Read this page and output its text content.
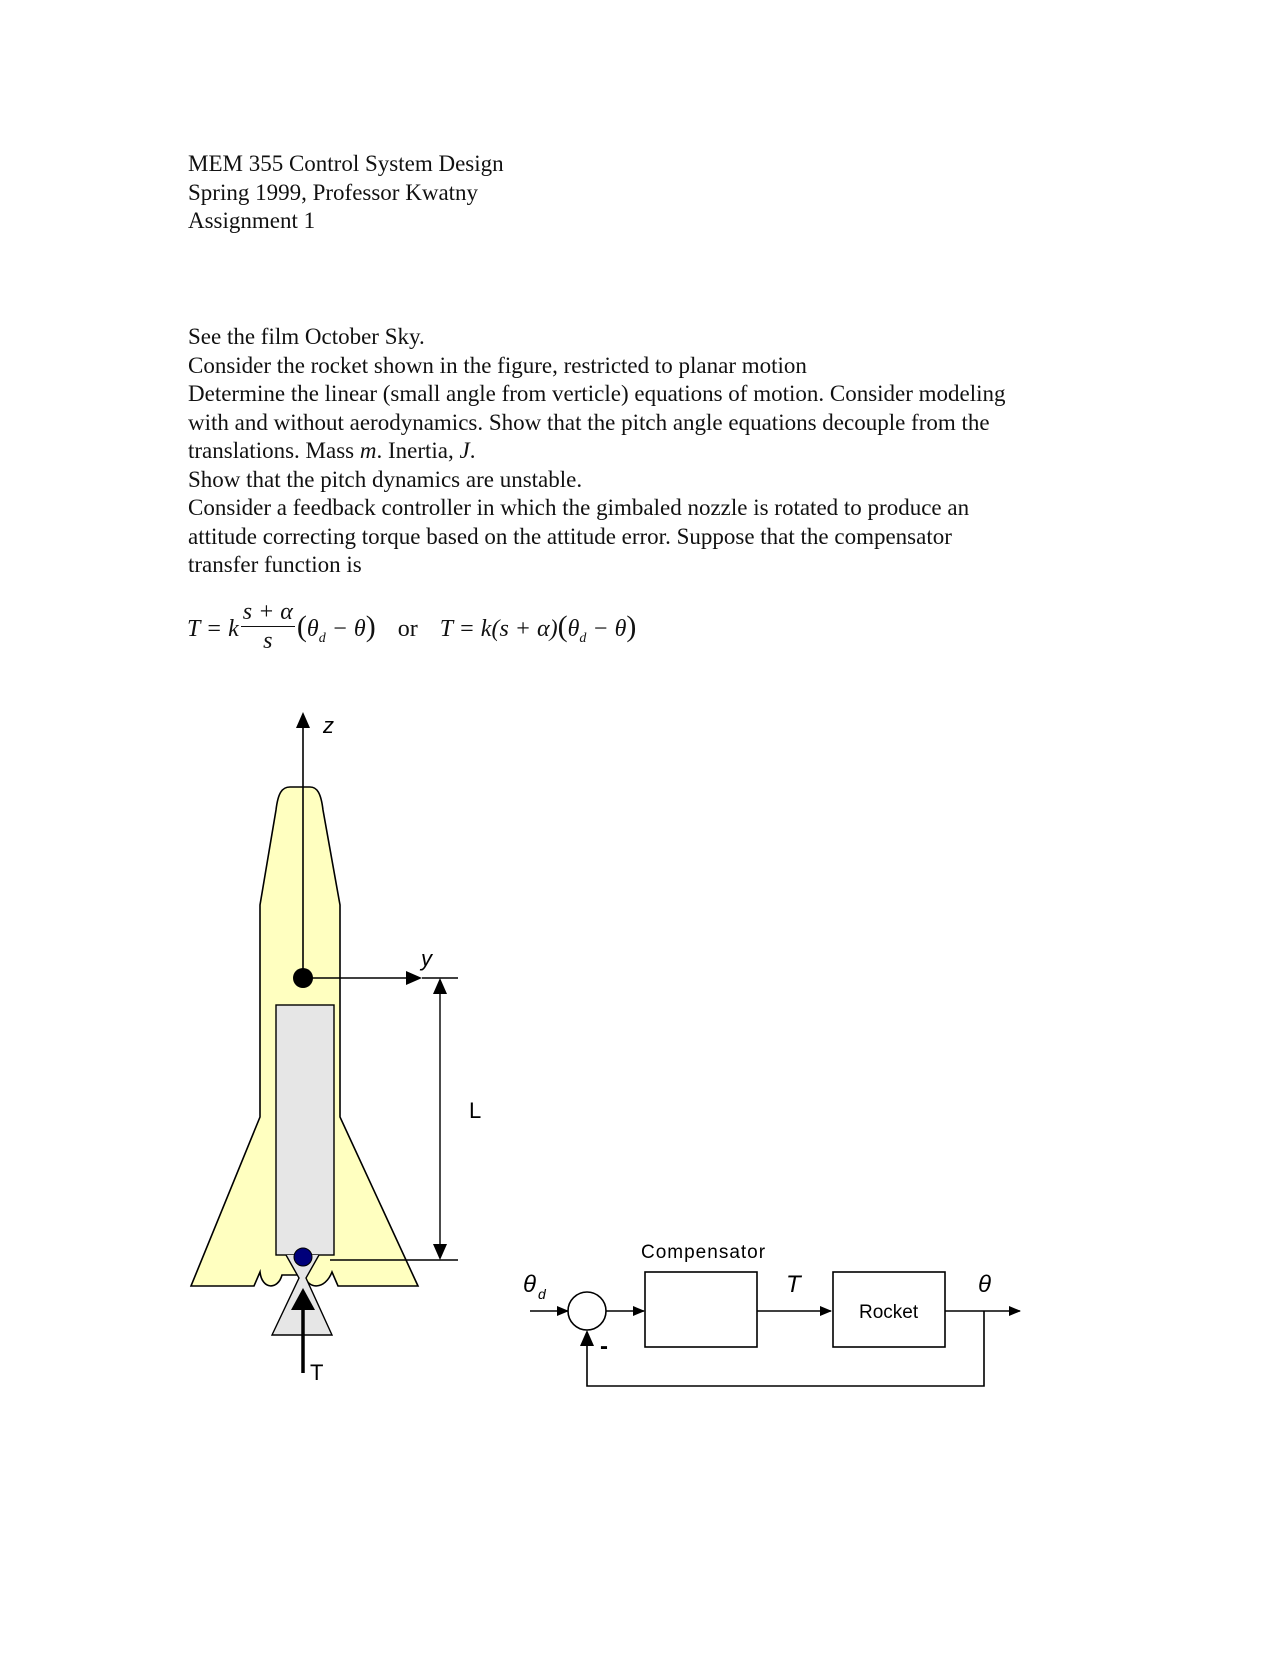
MEM 355 Control System Design
Spring 1999, Professor Kwatny
Assignment 1
See the film October Sky.
Consider the rocket shown in the figure, restricted to planar motion
Determine the linear (small angle from verticle) equations of motion. Consider modeling
with and without aerodynamics. Show that the pitch angle equations decouple from the
translations. Mass m. Inertia, J.
Show that the pitch dynamics are unstable.
Consider a feedback controller in which the gimbaled nozzle is rotated to produce an
attitude correcting torque based on the attitude error. Suppose that the compensator
transfer function is
T = k $\frac{s + \alpha}{s} (\theta_d - \theta)$ or $T = k(s + \alpha)(\theta_d - \theta)$
T
z
y
L
θ d
-
Compensator
T
Rocket
θ
